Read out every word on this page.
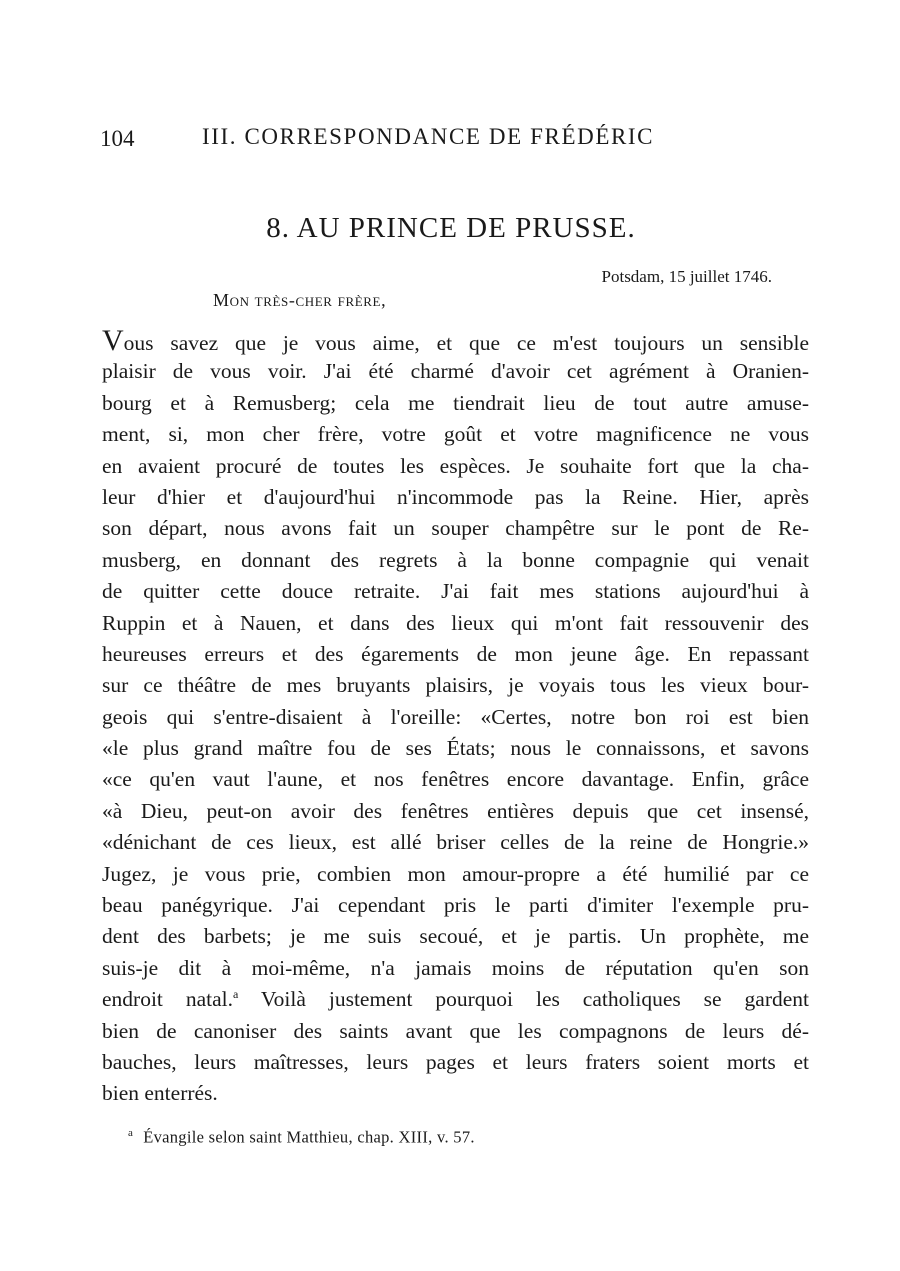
104	III. CORRESPONDANCE DE FRÉDÉRIC
8. AU PRINCE DE PRUSSE.
Potsdam, 15 juillet 1746.
Mon très-cher frère,
Vous savez que je vous aime, et que ce m'est toujours un sensible
plaisir de vous voir. J'ai été charmé d'avoir cet agrément à Oranien-
bourg et à Remusberg; cela me tiendrait lieu de tout autre amuse-
ment, si, mon cher frère, votre goût et votre magnificence ne vous
en avaient procuré de toutes les espèces. Je souhaite fort que la cha-
leur d'hier et d'aujourd'hui n'incommode pas la Reine. Hier, après
son départ, nous avons fait un souper champêtre sur le pont de Re-
musberg, en donnant des regrets à la bonne compagnie qui venait
de quitter cette douce retraite. J'ai fait mes stations aujourd'hui à
Ruppin et à Nauen, et dans des lieux qui m'ont fait ressouvenir des
heureuses erreurs et des égarements de mon jeune âge. En repassant
sur ce théâtre de mes bruyants plaisirs, je voyais tous les vieux bour-
geois qui s'entre-disaient à l'oreille: «Certes, notre bon roi est bien
«le plus grand maître fou de ses États; nous le connaissons, et savons
«ce qu'en vaut l'aune, et nos fenêtres encore davantage. Enfin, grâce
«à Dieu, peut-on avoir des fenêtres entières depuis que cet insensé,
«dénichant de ces lieux, est allé briser celles de la reine de Hongrie.»
Jugez, je vous prie, combien mon amour-propre a été humilié par ce
beau panégyrique. J'ai cependant pris le parti d'imiter l'exemple pru-
dent des barbets; je me suis secoué, et je partis. Un prophète, me
suis-je dit à moi-même, n'a jamais moins de réputation qu'en son
endroit natal.$^a$ Voilà justement pourquoi les catholiques se gardent
bien de canoniser des saints avant que les compagnons de leurs dé-
bauches, leurs maîtresses, leurs pages et leurs fraters soient morts et
bien enterrés.
$^a$ Évangile selon saint Matthieu, chap. XIII, v. 57.
